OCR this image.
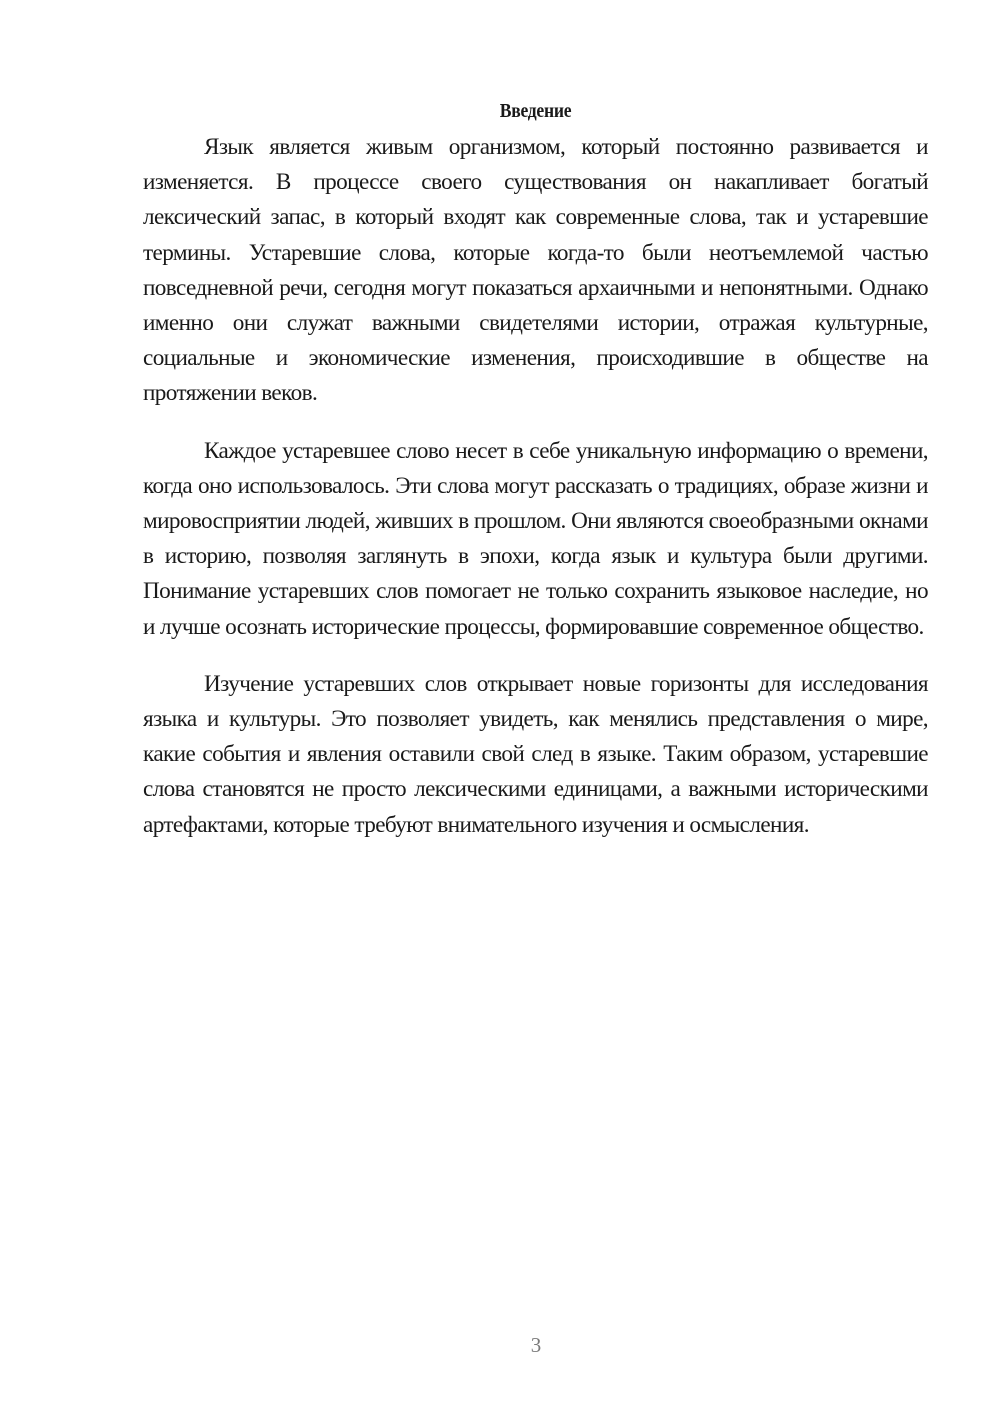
Введение

Язык является живым организмом, который постоянно развивается и изменяется. В процессе своего существования он накапливает богатый лексический запас, в который входят как современные слова, так и устаревшие термины. Устаревшие слова, которые когда-то были неотъемлемой частью повседневной речи, сегодня могут показаться архаичными и непонятными. Однако именно они служат важными свидетелями истории, отражая культурные, социальные и экономические изменения, происходившие в обществе на протяжении веков.

Каждое устаревшее слово несет в себе уникальную информацию о времени, когда оно использовалось. Эти слова могут рассказать о традициях, образе жизни и мировосприятии людей, живших в прошлом. Они являются своеобразными окнами в историю, позволяя заглянуть в эпохи, когда язык и культура были другими. Понимание устаревших слов помогает не только сохранить языковое наследие, но и лучше осознать исторические процессы, формировавшие современное общество.

Изучение устаревших слов открывает новые горизонты для исследования языка и культуры. Это позволяет увидеть, как менялись представления о мире, какие события и явления оставили свой след в языке. Таким образом, устаревшие слова становятся не просто лексическими единицами, а важными историческими артефактами, которые требуют внимательного изучения и осмысления.

3
